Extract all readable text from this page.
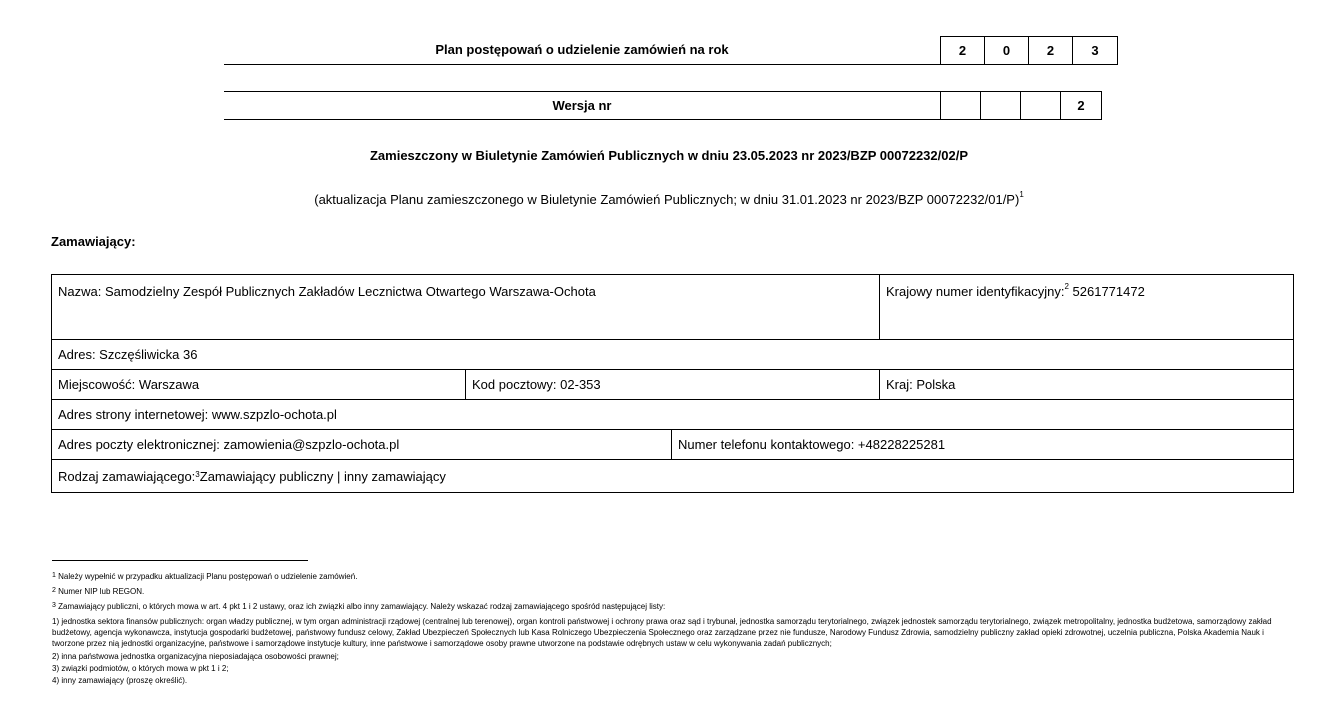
Plan postępowań o udzielenie zamówień na rok	2	0	2	3
Wersja nr	2
Zamieszczony w Biuletynie Zamówień Publicznych w dniu 23.05.2023 nr 2023/BZP 00072232/02/P
(aktualizacja Planu zamieszczonego w Biuletynie Zamówień Publicznych; w dniu 31.01.2023 nr 2023/BZP 00072232/01/P)$^1$
Zamawiający:
Nazwa: Samodzielny Zespół Publicznych Zakładów Lecznictwa Otwartego Warszawa-Ochota	Krajowy numer identyfikacyjny:$^2$ 5261771472
Adres: Szczęśliwicka 36
Miejscowość: Warszawa	Kod pocztowy: 02-353	Kraj: Polska
Adres strony internetowej: www.szpzlo-ochota.pl
Adres poczty elektronicznej: zamowienia@szpzlo-ochota.pl	Numer telefonu kontaktowego: +48228225281
Rodzaj zamawiającego:$^3$ Zamawiający publiczny | inny zamawiający
$^1$ Należy wypełnić w przypadku aktualizacji Planu postępowań o udzielenie zamówień.
$^2$ Numer NIP lub REGON.
$^3$ Zamawiający publiczni, o których mowa w art. 4 pkt 1 i 2 ustawy, oraz ich związki albo inny zamawiający. Należy wskazać rodzaj zamawiającego spośród następującej listy:
1) jednostka sektora finansów publicznych: organ władzy publicznej, w tym organ administracji rządowej (centralnej lub terenowej), organ kontroli państwowej i ochrony prawa oraz sąd i trybunał, jednostka samorządu terytorialnego, związek jednostek samorządu terytorialnego, związek metropolitalny, jednostka budżetowa, samorządowy zakład budżetowy, agencja wykonawcza, instytucja gospodarki budżetowej, państwowy fundusz celowy, Zakład Ubezpieczeń Społecznych lub Kasa Rolniczego Ubezpieczenia Społecznego oraz zarządzane przez nie fundusze, Narodowy Fundusz Zdrowia, samodzielny publiczny zakład opieki zdrowotnej, uczelnia publiczna, Polska Akademia Nauk i tworzone przez nią jednostki organizacyjne, państwowe i samorządowe instytucje kultury, inne państwowe i samorządowe osoby prawne utworzone na podstawie odrębnych ustaw w celu wykonywania zadań publicznych;
2) inna państwowa jednostka organizacyjna nieposiadająca osobowości prawnej;
3) związki podmiotów, o których mowa w pkt 1 i 2;
4) inny zamawiający (proszę określić).
